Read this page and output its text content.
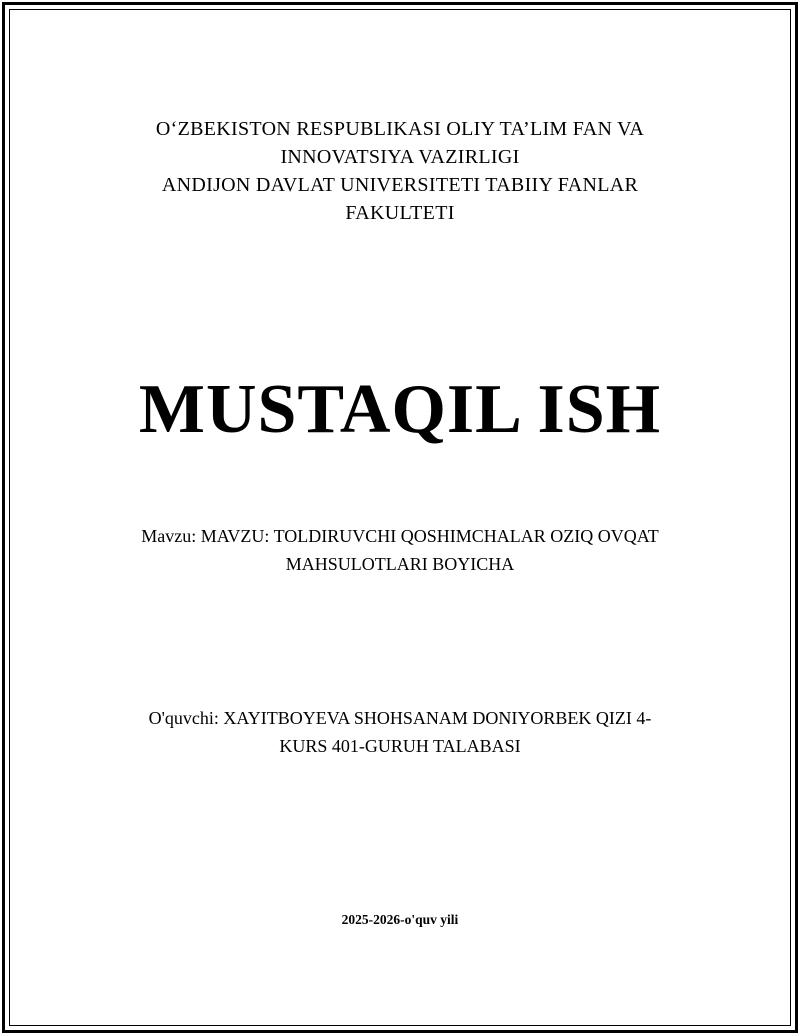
O‘ZBEKISTON RESPUBLIKASI OLIY TA’LIM FAN VA
INNOVATSIYA VAZIRLIGI
ANDIJON DAVLAT UNIVERSITETI TABIIY FANLAR
FAKULTETI
MUSTAQIL ISH
Mavzu: MAVZU: TOLDIRUVCHI QOSHIMCHALAR OZIQ OVQAT
MAHSULOTLARI BOYICHA
O'quvchi: XAYITBOYEVA SHOHSANAM DONIYORBEK QIZI 4-
KURS 401-GURUH TALABASI
2025-2026-o'quv yili
